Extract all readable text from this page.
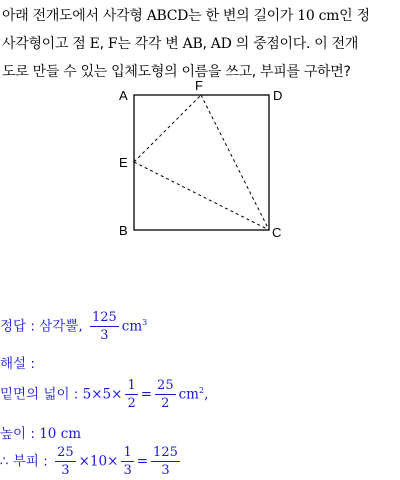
아래 전개도에서 사각형 ABCD는 한 변의 길이가 10 cm인 정
사각형이고 점 E, F는 각각 변 AB, AD 의 중점이다. 이 전개
도로 만들 수 있는 입체도형의 이름을 쓰고, 부피를 구하면?
A
F
D
E
B	C
정답 : 삼각뿔, $\frac{125}{3} cm^3$
해설 :
밑면의 넓이 : $5\times 5\times \frac{1}{2} = \frac{25}{2} cm^2$,
높이 : 10 cm
∴ 부피 : $\frac{25}{3} \times 10\times \frac{1}{3} = \frac{125}{3}$
